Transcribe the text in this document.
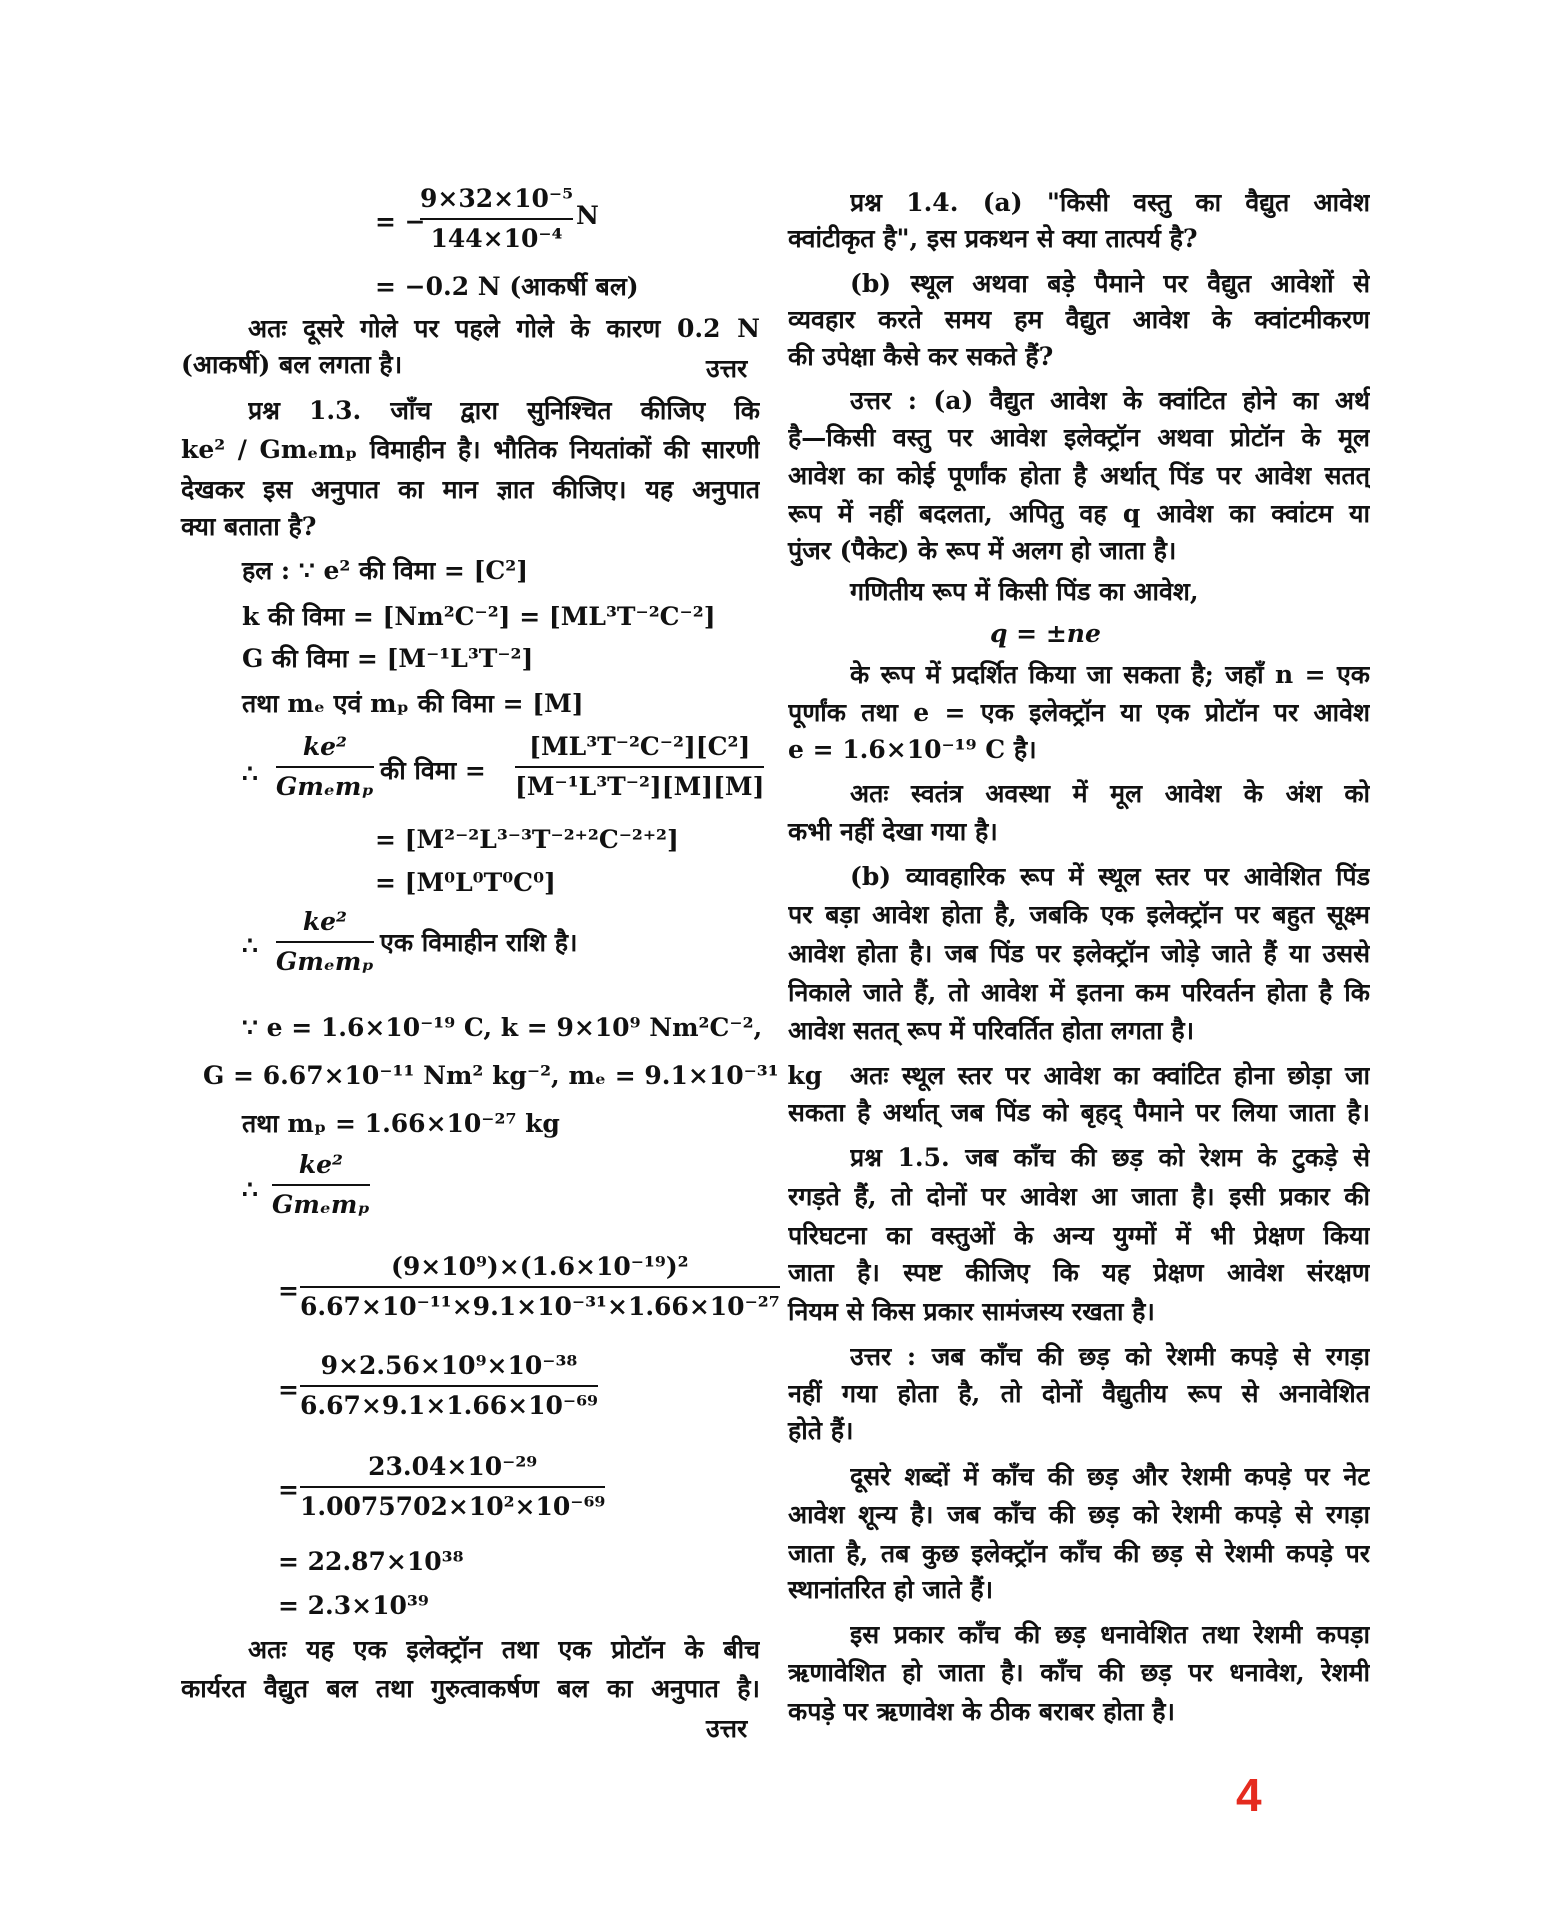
= −
9×32×10⁻⁵
144×10⁻⁴
N
= −0.2 N (आकर्षी बल)
अतः दूसरे गोले पर पहले गोले के कारण 0.2 N
(आकर्षी) बल लगता है।	उत्तर
प्रश्न 1.3. जाँच द्वारा सुनिश्चित कीजिए कि
ke² / Gmₑmₚ विमाहीन है। भौतिक नियतांकों की सारणी
देखकर इस अनुपात का मान ज्ञात कीजिए। यह अनुपात
क्या बताता है?
हल : ∵ e² की विमा = [C²]
k की विमा = [Nm²C⁻²] = [ML³T⁻²C⁻²]
G की विमा = [M⁻¹L³T⁻²]
तथा mₑ एवं mₚ की विमा = [M]
∴
ke²
Gmₑmₚ
की विमा =
[ML³T⁻²C⁻²][C²]
[M⁻¹L³T⁻²][M][M]
= [M²⁻²L³⁻³T⁻²⁺²C⁻²⁺²]
= [M⁰L⁰T⁰C⁰]
∴
ke²
Gmₑmₚ
एक विमाहीन राशि है।
∵ e = 1.6×10⁻¹⁹ C, k = 9×10⁹ Nm²C⁻²,
G = 6.67×10⁻¹¹ Nm² kg⁻², mₑ = 9.1×10⁻³¹ kg
तथा mₚ = 1.66×10⁻²⁷ kg
∴
ke²
Gmₑmₚ
=
(9×10⁹)×(1.6×10⁻¹⁹)²
6.67×10⁻¹¹×9.1×10⁻³¹×1.66×10⁻²⁷
=
9×2.56×10⁹×10⁻³⁸
6.67×9.1×1.66×10⁻⁶⁹
=
23.04×10⁻²⁹
1.0075702×10²×10⁻⁶⁹
= 22.87×10³⁸
= 2.3×10³⁹
अतः यह एक इलेक्ट्रॉन तथा एक प्रोटॉन के बीच
कार्यरत वैद्युत बल तथा गुरुत्वाकर्षण बल का अनुपात है।
उत्तर
प्रश्न 1.4. (a) "किसी वस्तु का वैद्युत आवेश
क्वांटीकृत है", इस प्रकथन से क्या तात्पर्य है?
(b) स्थूल अथवा बड़े पैमाने पर वैद्युत आवेशों से
व्यवहार करते समय हम वैद्युत आवेश के क्वांटमीकरण
की उपेक्षा कैसे कर सकते हैं?
उत्तर : (a) वैद्युत आवेश के क्वांटित होने का अर्थ
है—किसी वस्तु पर आवेश इलेक्ट्रॉन अथवा प्रोटॉन के मूल
आवेश का कोई पूर्णांक होता है अर्थात् पिंड पर आवेश सतत्
रूप में नहीं बदलता, अपितु वह q आवेश का क्वांटम या
पुंजर (पैकेट) के रूप में अलग हो जाता है।
गणितीय रूप में किसी पिंड का आवेश,
q = ±ne
के रूप में प्रदर्शित किया जा सकता है; जहाँ n = एक
पूर्णांक तथा e = एक इलेक्ट्रॉन या एक प्रोटॉन पर आवेश
e = 1.6×10⁻¹⁹ C है।
अतः स्वतंत्र अवस्था में मूल आवेश के अंश को
कभी नहीं देखा गया है।
(b) व्यावहारिक रूप में स्थूल स्तर पर आवेशित पिंड
पर बड़ा आवेश होता है, जबकि एक इलेक्ट्रॉन पर बहुत सूक्ष्म
आवेश होता है। जब पिंड पर इलेक्ट्रॉन जोड़े जाते हैं या उससे
निकाले जाते हैं, तो आवेश में इतना कम परिवर्तन होता है कि
आवेश सतत् रूप में परिवर्तित होता लगता है।
अतः स्थूल स्तर पर आवेश का क्वांटित होना छोड़ा जा
सकता है अर्थात् जब पिंड को बृहद् पैमाने पर लिया जाता है।
प्रश्न 1.5. जब काँच की छड़ को रेशम के टुकड़े से
रगड़ते हैं, तो दोनों पर आवेश आ जाता है। इसी प्रकार की
परिघटना का वस्तुओं के अन्य युग्मों में भी प्रेक्षण किया
जाता है। स्पष्ट कीजिए कि यह प्रेक्षण आवेश संरक्षण
नियम से किस प्रकार सामंजस्य रखता है।
उत्तर : जब काँच की छड़ को रेशमी कपड़े से रगड़ा
नहीं गया होता है, तो दोनों वैद्युतीय रूप से अनावेशित
होते हैं।
दूसरे शब्दों में काँच की छड़ और रेशमी कपड़े पर नेट
आवेश शून्य है। जब काँच की छड़ को रेशमी कपड़े से रगड़ा
जाता है, तब कुछ इलेक्ट्रॉन काँच की छड़ से रेशमी कपड़े पर
स्थानांतरित हो जाते हैं।
इस प्रकार काँच की छड़ धनावेशित तथा रेशमी कपड़ा
ऋणावेशित हो जाता है। काँच की छड़ पर धनावेश, रेशमी
कपड़े पर ऋणावेश के ठीक बराबर होता है।
4
